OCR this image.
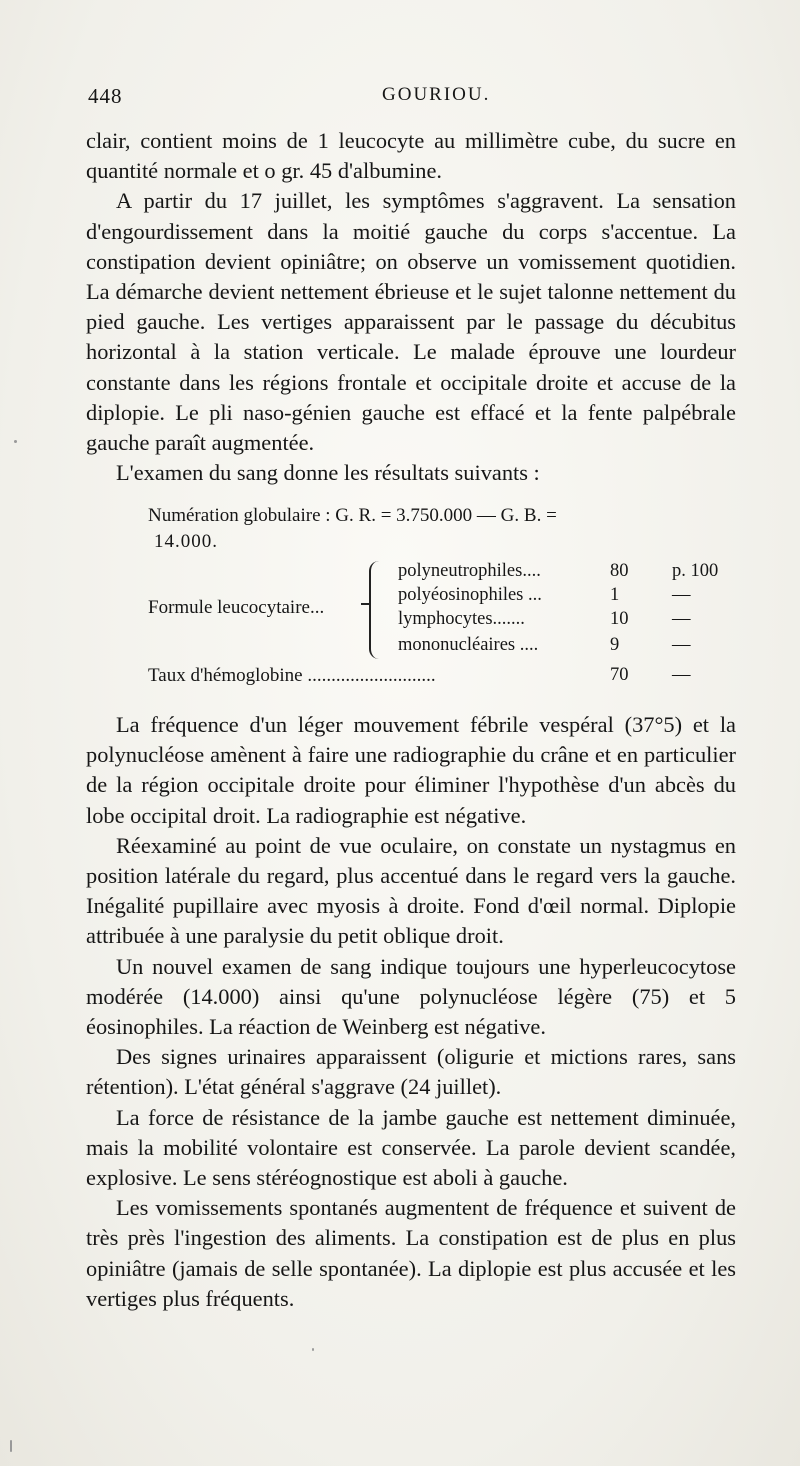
448	GOURIOU.

clair, contient moins de 1 leucocyte au millimètre cube, du sucre en quantité normale et o gr. 45 d'albumine.

A partir du 17 juillet, les symptômes s'aggravent. La sensation d'engourdissement dans la moitié gauche du corps s'accentue. La constipation devient opiniâtre; on observe un vomissement quotidien. La démarche devient nettement ébrieuse et le sujet talonne nettement du pied gauche. Les vertiges apparaissent par le passage du décubitus horizontal à la station verticale. Le malade éprouve une lourdeur constante dans les régions frontale et occipitale droite et accuse de la diplopie. Le pli naso-génien gauche est effacé et la fente palpébrale gauche paraît augmentée.

L'examen du sang donne les résultats suivants :

Numération globulaire : G. R. = 3.750.000 — G. B. =
14.000.
Formule leucocytaire...
polyneutrophiles....	80 p. 100
polyéosinophiles ...	1	—
lymphocytes.......	10 —
mononucléaires ....	9	—
Taux d'hémoglobine ...........................	70 —

La fréquence d'un léger mouvement fébrile vespéral (37°5) et la polynucléose amènent à faire une radiographie du crâne et en particulier de la région occipitale droite pour éliminer l'hypothèse d'un abcès du lobe occipital droit. La radiographie est négative.

Réexaminé au point de vue oculaire, on constate un nystagmus en position latérale du regard, plus accentué dans le regard vers la gauche. Inégalité pupillaire avec myosis à droite. Fond d'œil normal. Diplopie attribuée à une paralysie du petit oblique droit.

Un nouvel examen de sang indique toujours une hyperleucocytose modérée (14.000) ainsi qu'une polynucléose légère (75) et 5 éosinophiles. La réaction de Weinberg est négative.

Des signes urinaires apparaissent (oligurie et mictions rares, sans rétention). L'état général s'aggrave (24 juillet).

La force de résistance de la jambe gauche est nettement diminuée, mais la mobilité volontaire est conservée. La parole devient scandée, explosive. Le sens stéréognostique est aboli à gauche.

Les vomissements spontanés augmentent de fréquence et suivent de très près l'ingestion des aliments. La constipation est de plus en plus opiniâtre (jamais de selle spontanée). La diplopie est plus accusée et les vertiges plus fréquents.
